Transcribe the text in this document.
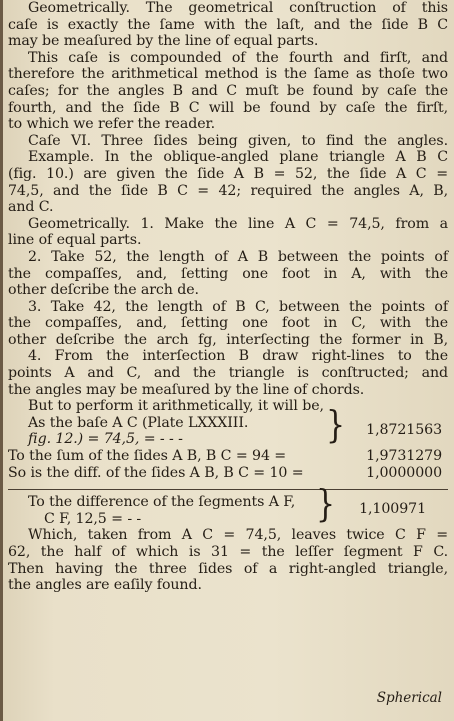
Geometrically. The geometrical conſtruction of this
caſe is exactly the ſame with the laſt, and the ſide B C
may be meaſured by the line of equal parts.
This caſe is compounded of the fourth and firſt, and
therefore the arithmetical method is the ſame as thoſe two
caſes; for the angles B and C muſt be found by caſe the
fourth, and the ſide B C will be found by caſe the firſt,
to which we refer the reader.
Caſe VI. Three ſides being given, to find the angles.
Example. In the oblique-angled plane triangle A B C
(fig. 10.) are given the ſide A B = 52, the ſide A C =
74,5, and the ſide B C = 42; required the angles A, B,
and C.
Geometrically. 1. Make the line A C = 74,5, from a
line of equal parts.
2. Take 52, the length of A B between the points of
the compaſſes, and, ſetting one foot in A, with the
other deſcribe the arch de.
3. Take 42, the length of B C, between the points of
the compaſſes, and, ſetting one foot in C, with the
other deſcribe the arch fg, interſecting the former in B,
4. From the interſection B draw right-lines to the
points A and C, and the triangle is conſtructed; and
the angles may be meaſured by the line of chords.
But to perform it arithmetically, it will be,
As the baſe A C (Plate LXXXIII.	} 1,8721563
fig. 12.) = 74,5, = - - -
To the ſum of the ſides A B, B C = 94 =	1,9731279
So is the diff. of the ſides A B, B C = 10 =	1,0000000
To the difference of the ſegments A F, } 1,100971
C F, 12,5 = - -
Which, taken from A C = 74,5, leaves twice C F =
62, the half of which is 31 = the leſſer ſegment F C.
Then having the three ſides of a right-angled triangle,
the angles are eaſily found.
Spherical
